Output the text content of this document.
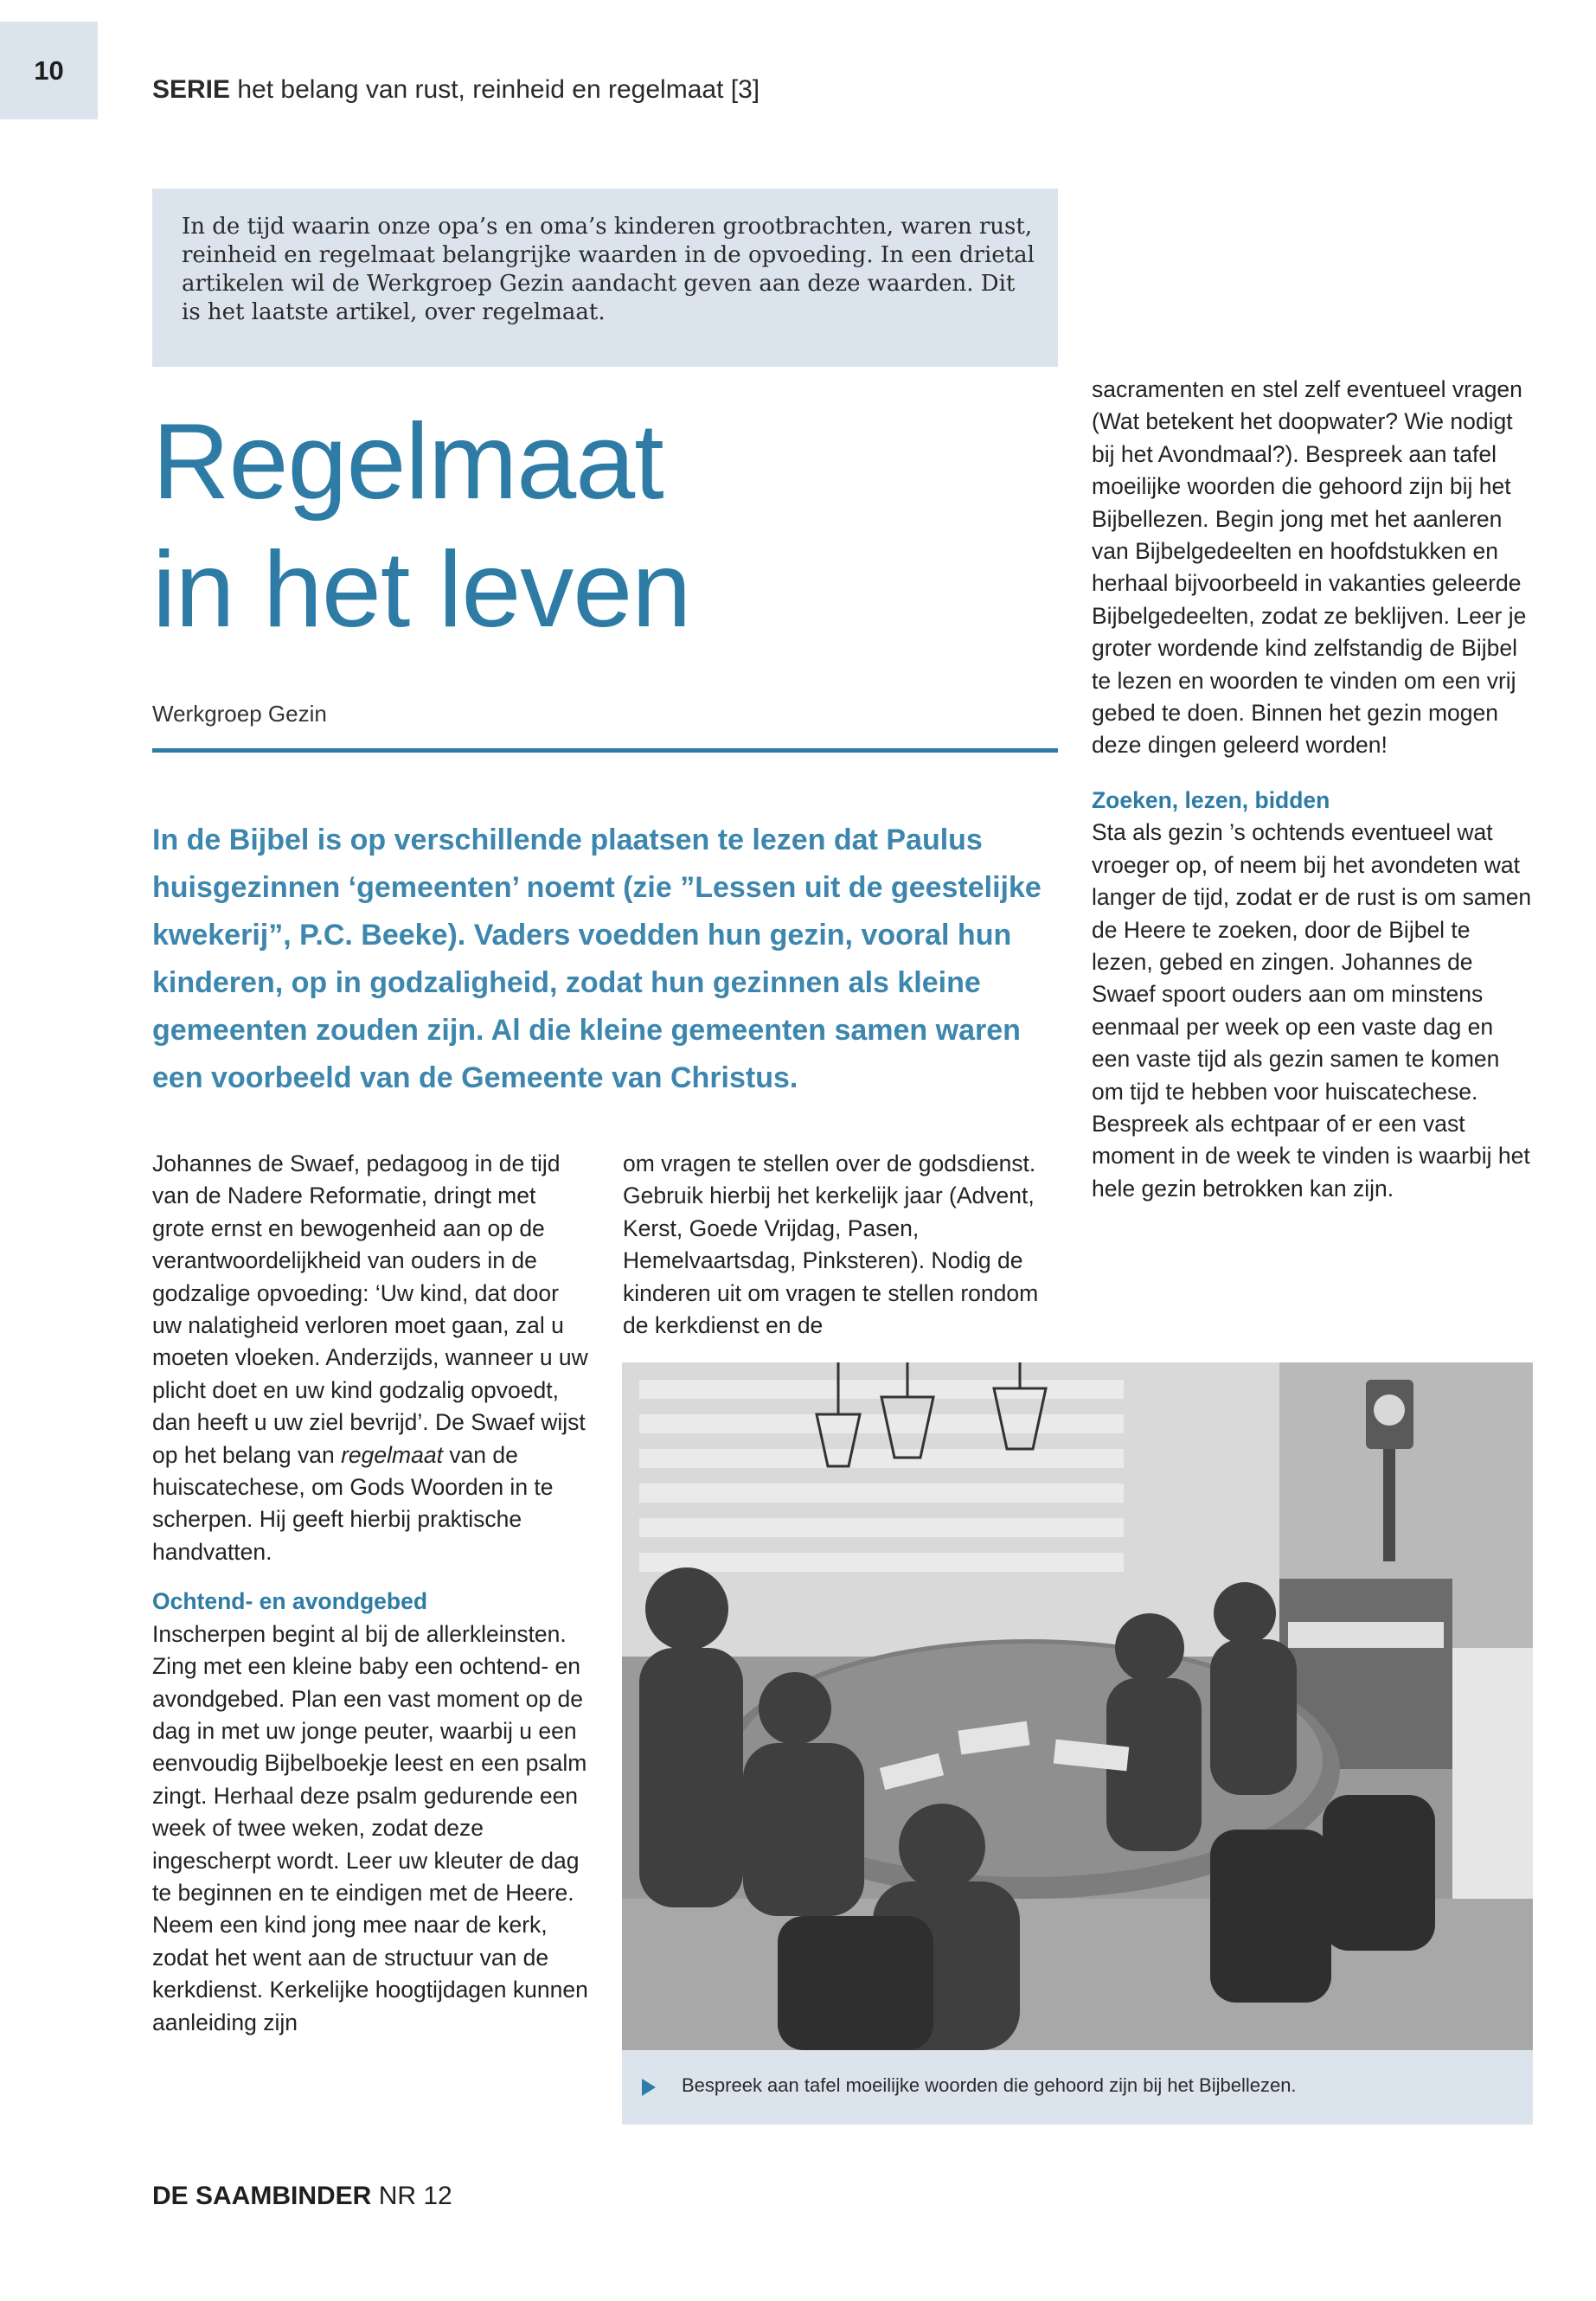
10
SERIE het belang van rust, reinheid en regelmaat [3]
In de tijd waarin onze opa’s en oma’s kinderen grootbrachten, waren rust, reinheid en regelmaat belangrijke waarden in de opvoeding. In een drietal artikelen wil de Werkgroep Gezin aandacht geven aan deze waarden. Dit is het laatste artikel, over regelmaat.
Regelmaat
in het leven
Werkgroep Gezin
In de Bijbel is op verschillende plaatsen te lezen dat Paulus huisgezinnen ‘gemeenten’ noemt (zie ”Lessen uit de geestelijke kwekerij”, P.C. Beeke). Vaders voedden hun gezin, vooral hun kinderen, op in godzaligheid, zodat hun gezinnen als kleine gemeenten zouden zijn. Al die kleine gemeenten samen waren een voorbeeld van de Gemeente van Christus.

Johannes de Swaef, pedagoog in de tijd van de Nadere Reformatie, dringt met grote ernst en bewogenheid aan op de verantwoordelijkheid van ouders in de godzalige opvoeding: ‘Uw kind, dat door uw nalatigheid verloren moet gaan, zal u moeten vloeken. Anderzijds, wanneer u uw plicht doet en uw kind godzalig opvoedt, dan heeft u uw ziel bevrijd’. De Swaef wijst op het belang van regelmaat van de huiscatechese, om Gods Woorden in te scherpen. Hij geeft hierbij praktische handvatten.

Ochtend- en avondgebed

Inscherpen begint al bij de allerkleinsten. Zing met een kleine baby een ochtend- en avondgebed. Plan een vast moment op de dag in met uw jonge peuter, waarbij u een eenvoudig Bijbelboekje leest en een psalm zingt. Herhaal deze psalm gedurende een week of twee weken, zodat deze ingescherpt wordt. Leer uw kleuter de dag te beginnen en te eindigen met de Heere.

Neem een kind jong mee naar de kerk, zodat het went aan de structuur van de kerkdienst. Kerkelijke hoogtijdagen kunnen aanleiding zijn

om vragen te stellen over de godsdienst. Gebruik hierbij het kerkelijk jaar (Advent, Kerst, Goede Vrijdag, Pasen, Hemelvaartsdag, Pinksteren). Nodig de kinderen uit om vragen te stellen rondom de kerkdienst en de

sacramenten en stel zelf eventueel vragen (Wat betekent het doopwater? Wie nodigt bij het Avondmaal?). Bespreek aan tafel moeilijke woorden die gehoord zijn bij het Bijbellezen. Begin jong met het aanleren van Bijbelgedeelten en hoofdstukken en herhaal bijvoorbeeld in vakanties geleerde Bijbelgedeelten, zodat ze beklijven. Leer je groter wordende kind zelfstandig de Bijbel te lezen en woorden te vinden om een vrij gebed te doen. Binnen het gezin mogen deze dingen geleerd worden!

Zoeken, lezen, bidden

Sta als gezin ’s ochtends eventueel wat vroeger op, of neem bij het avondeten wat langer de tijd, zodat er de rust is om samen de Heere te zoeken, door de Bijbel te lezen, gebed en zingen. Johannes de Swaef spoort ouders aan om minstens eenmaal per week op een vaste dag en een vaste tijd als gezin samen te komen om tijd te hebben voor huiscatechese. Bespreek als echtpaar of er een vast moment in de week te vinden is waarbij het hele gezin betrokken kan zijn.

Bespreek aan tafel moeilijke woorden die gehoord zijn bij het Bijbellezen.
DE SAAMBINDER NR 12
